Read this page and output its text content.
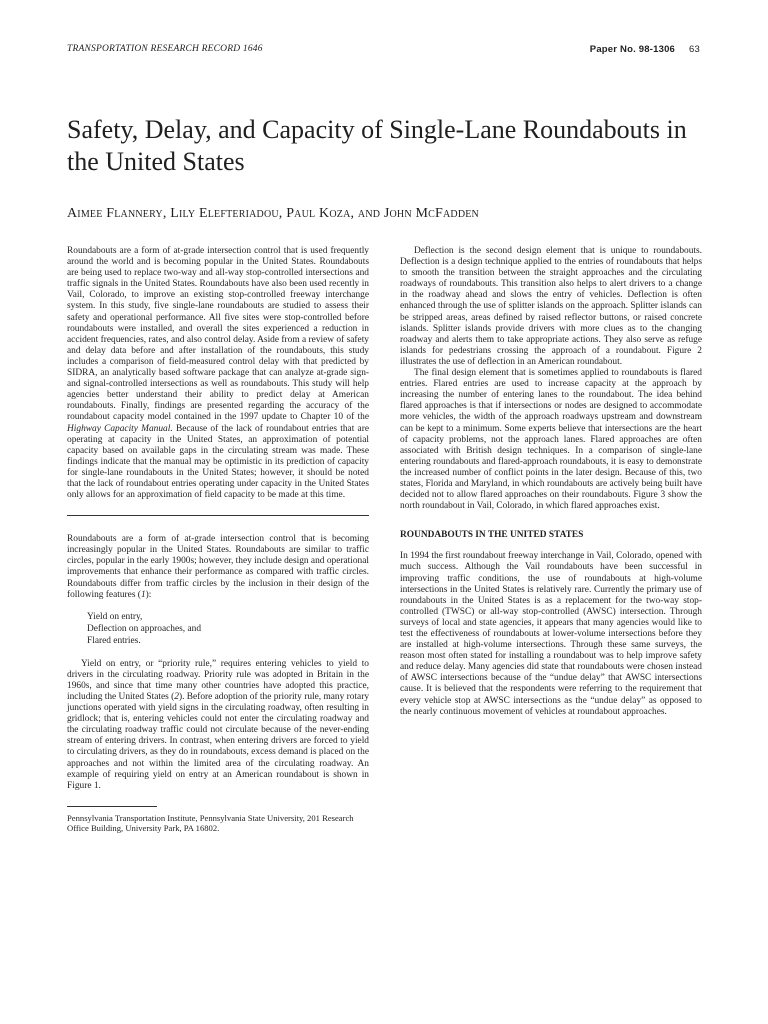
TRANSPORTATION RESEARCH RECORD 1646	Paper No. 98-1306 63
Safety, Delay, and Capacity of Single-Lane Roundabouts in the United States
Aimee Flannery, Lily Elefteriadou, Paul Koza, and John McFadden

Roundabouts are a form of at-grade intersection control that is used frequently around the world and is becoming popular in the United States. Roundabouts are being used to replace two-way and all-way stop-controlled intersections and traffic signals in the United States. Roundabouts have also been used recently in Vail, Colorado, to improve an existing stop-controlled freeway interchange system. In this study, five single-lane roundabouts are studied to assess their safety and operational performance. All five sites were stop-controlled before roundabouts were installed, and overall the sites experienced a reduction in accident frequencies, rates, and also control delay. Aside from a review of safety and delay data before and after installation of the roundabouts, this study includes a comparison of field-measured control delay with that predicted by SIDRA, an analytically based software package that can analyze at-grade sign- and signal-controlled intersections as well as roundabouts. This study will help agencies better understand their ability to predict delay at American roundabouts. Finally, findings are presented regarding the accuracy of the roundabout capacity model contained in the 1997 update to Chapter 10 of the Highway Capacity Manual. Because of the lack of roundabout entries that are operating at capacity in the United States, an approximation of potential capacity based on available gaps in the circulating stream was made. These findings indicate that the manual may be optimistic in its prediction of capacity for single-lane roundabouts in the United States; however, it should be noted that the lack of roundabout entries operating under capacity in the United States only allows for an approximation of field capacity to be made at this time.

Roundabouts are a form of at-grade intersection control that is becoming increasingly popular in the United States. Roundabouts are similar to traffic circles, popular in the early 1900s; however, they include design and operational improvements that enhance their performance as compared with traffic circles. Roundabouts differ from traffic circles by the inclusion in their design of the following features (1):

Yield on entry,
Deflection on approaches, and
Flared entries.

Yield on entry, or “priority rule,” requires entering vehicles to yield to drivers in the circulating roadway. Priority rule was adopted in Britain in the 1960s, and since that time many other countries have adopted this practice, including the United States (2). Before adoption of the priority rule, many rotary junctions operated with yield signs in the circulating roadway, often resulting in gridlock; that is, entering vehicles could not enter the circulating roadway and the circulating roadway traffic could not circulate because of the never-ending stream of entering drivers. In contrast, when entering drivers are forced to yield to circulating drivers, as they do in roundabouts, excess demand is placed on the approaches and not within the limited area of the circulating roadway. An example of requiring yield on entry at an American roundabout is shown in Figure 1.

Pennsylvania Transportation Institute, Pennsylvania State University, 201 Research Office Building, University Park, PA 16802.

Deflection is the second design element that is unique to roundabouts. Deflection is a design technique applied to the entries of roundabouts that helps to smooth the transition between the straight approaches and the circulating roadways of roundabouts. This transition also helps to alert drivers to a change in the roadway ahead and slows the entry of vehicles. Deflection is often enhanced through the use of splitter islands on the approach. Splitter islands can be stripped areas, areas defined by raised reflector buttons, or raised concrete islands. Splitter islands provide drivers with more clues as to the changing roadway and alerts them to take appropriate actions. They also serve as refuge islands for pedestrians crossing the approach of a roundabout. Figure 2 illustrates the use of deflection in an American roundabout.

The final design element that is sometimes applied to roundabouts is flared entries. Flared entries are used to increase capacity at the approach by increasing the number of entering lanes to the roundabout. The idea behind flared approaches is that if intersections or nodes are designed to accommodate more vehicles, the width of the approach roadways upstream and downstream can be kept to a minimum. Some experts believe that intersections are the heart of capacity problems, not the approach lanes. Flared approaches are often associated with British design techniques. In a comparison of single-lane entering roundabouts and flared-approach roundabouts, it is easy to demonstrate the increased number of conflict points in the later design. Because of this, two states, Florida and Maryland, in which roundabouts are actively being built have decided not to allow flared approaches on their roundabouts. Figure 3 show the north roundabout in Vail, Colorado, in which flared approaches exist.

ROUNDABOUTS IN THE UNITED STATES

In 1994 the first roundabout freeway interchange in Vail, Colorado, opened with much success. Although the Vail roundabouts have been successful in improving traffic conditions, the use of roundabouts at high-volume intersections in the United States is relatively rare. Currently the primary use of roundabouts in the United States is as a replacement for the two-way stop-controlled (TWSC) or all-way stop-controlled (AWSC) intersection. Through surveys of local and state agencies, it appears that many agencies would like to test the effectiveness of roundabouts at lower-volume intersections before they are installed at high-volume intersections. Through these same surveys, the reason most often stated for installing a roundabout was to help improve safety and reduce delay. Many agencies did state that roundabouts were chosen instead of AWSC intersections because of the “undue delay” that AWSC intersections cause. It is believed that the respondents were referring to the requirement that every vehicle stop at AWSC intersections as the “undue delay” as opposed to the nearly continuous movement of vehicles at roundabout approaches.
